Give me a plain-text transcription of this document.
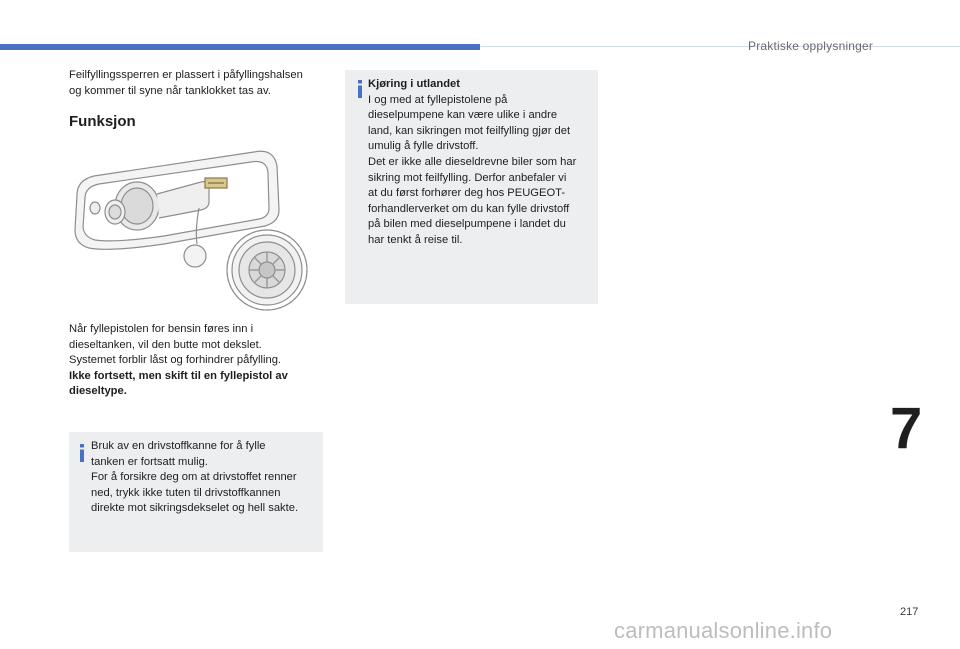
Praktiske opplysninger

Feilfyllingssperren er plassert i påfyllingshalsen
og kommer til syne når tanklokket tas av.

Funksjon

Når fyllepistolen for bensin føres inn i
dieseltanken, vil den butte mot dekslet.
Systemet forblir låst og forhindrer påfylling.
Ikke fortsett, men skift til en fyllepistol av
dieseltype.

Bruk av en drivstoffkanne for å fylle
tanken er fortsatt mulig.
For å forsikre deg om at drivstoffet renner
ned, trykk ikke tuten til drivstoffkannen
direkte mot sikringsdekselet og hell sakte.

Kjøring i utlandet
I og med at fyllepistolene på
dieselpumpene kan være ulike i andre
land, kan sikringen mot feilfylling gjør det
umulig å fylle drivstoff.
Det er ikke alle dieseldrevne biler som har
sikring mot feilfylling. Derfor anbefaler vi
at du først forhører deg hos PEUGEOT-
forhandlerverket om du kan fylle drivstoff
på bilen med dieselpumpene i landet du
har tenkt å reise til.

7
217
carmanualsonline.info
